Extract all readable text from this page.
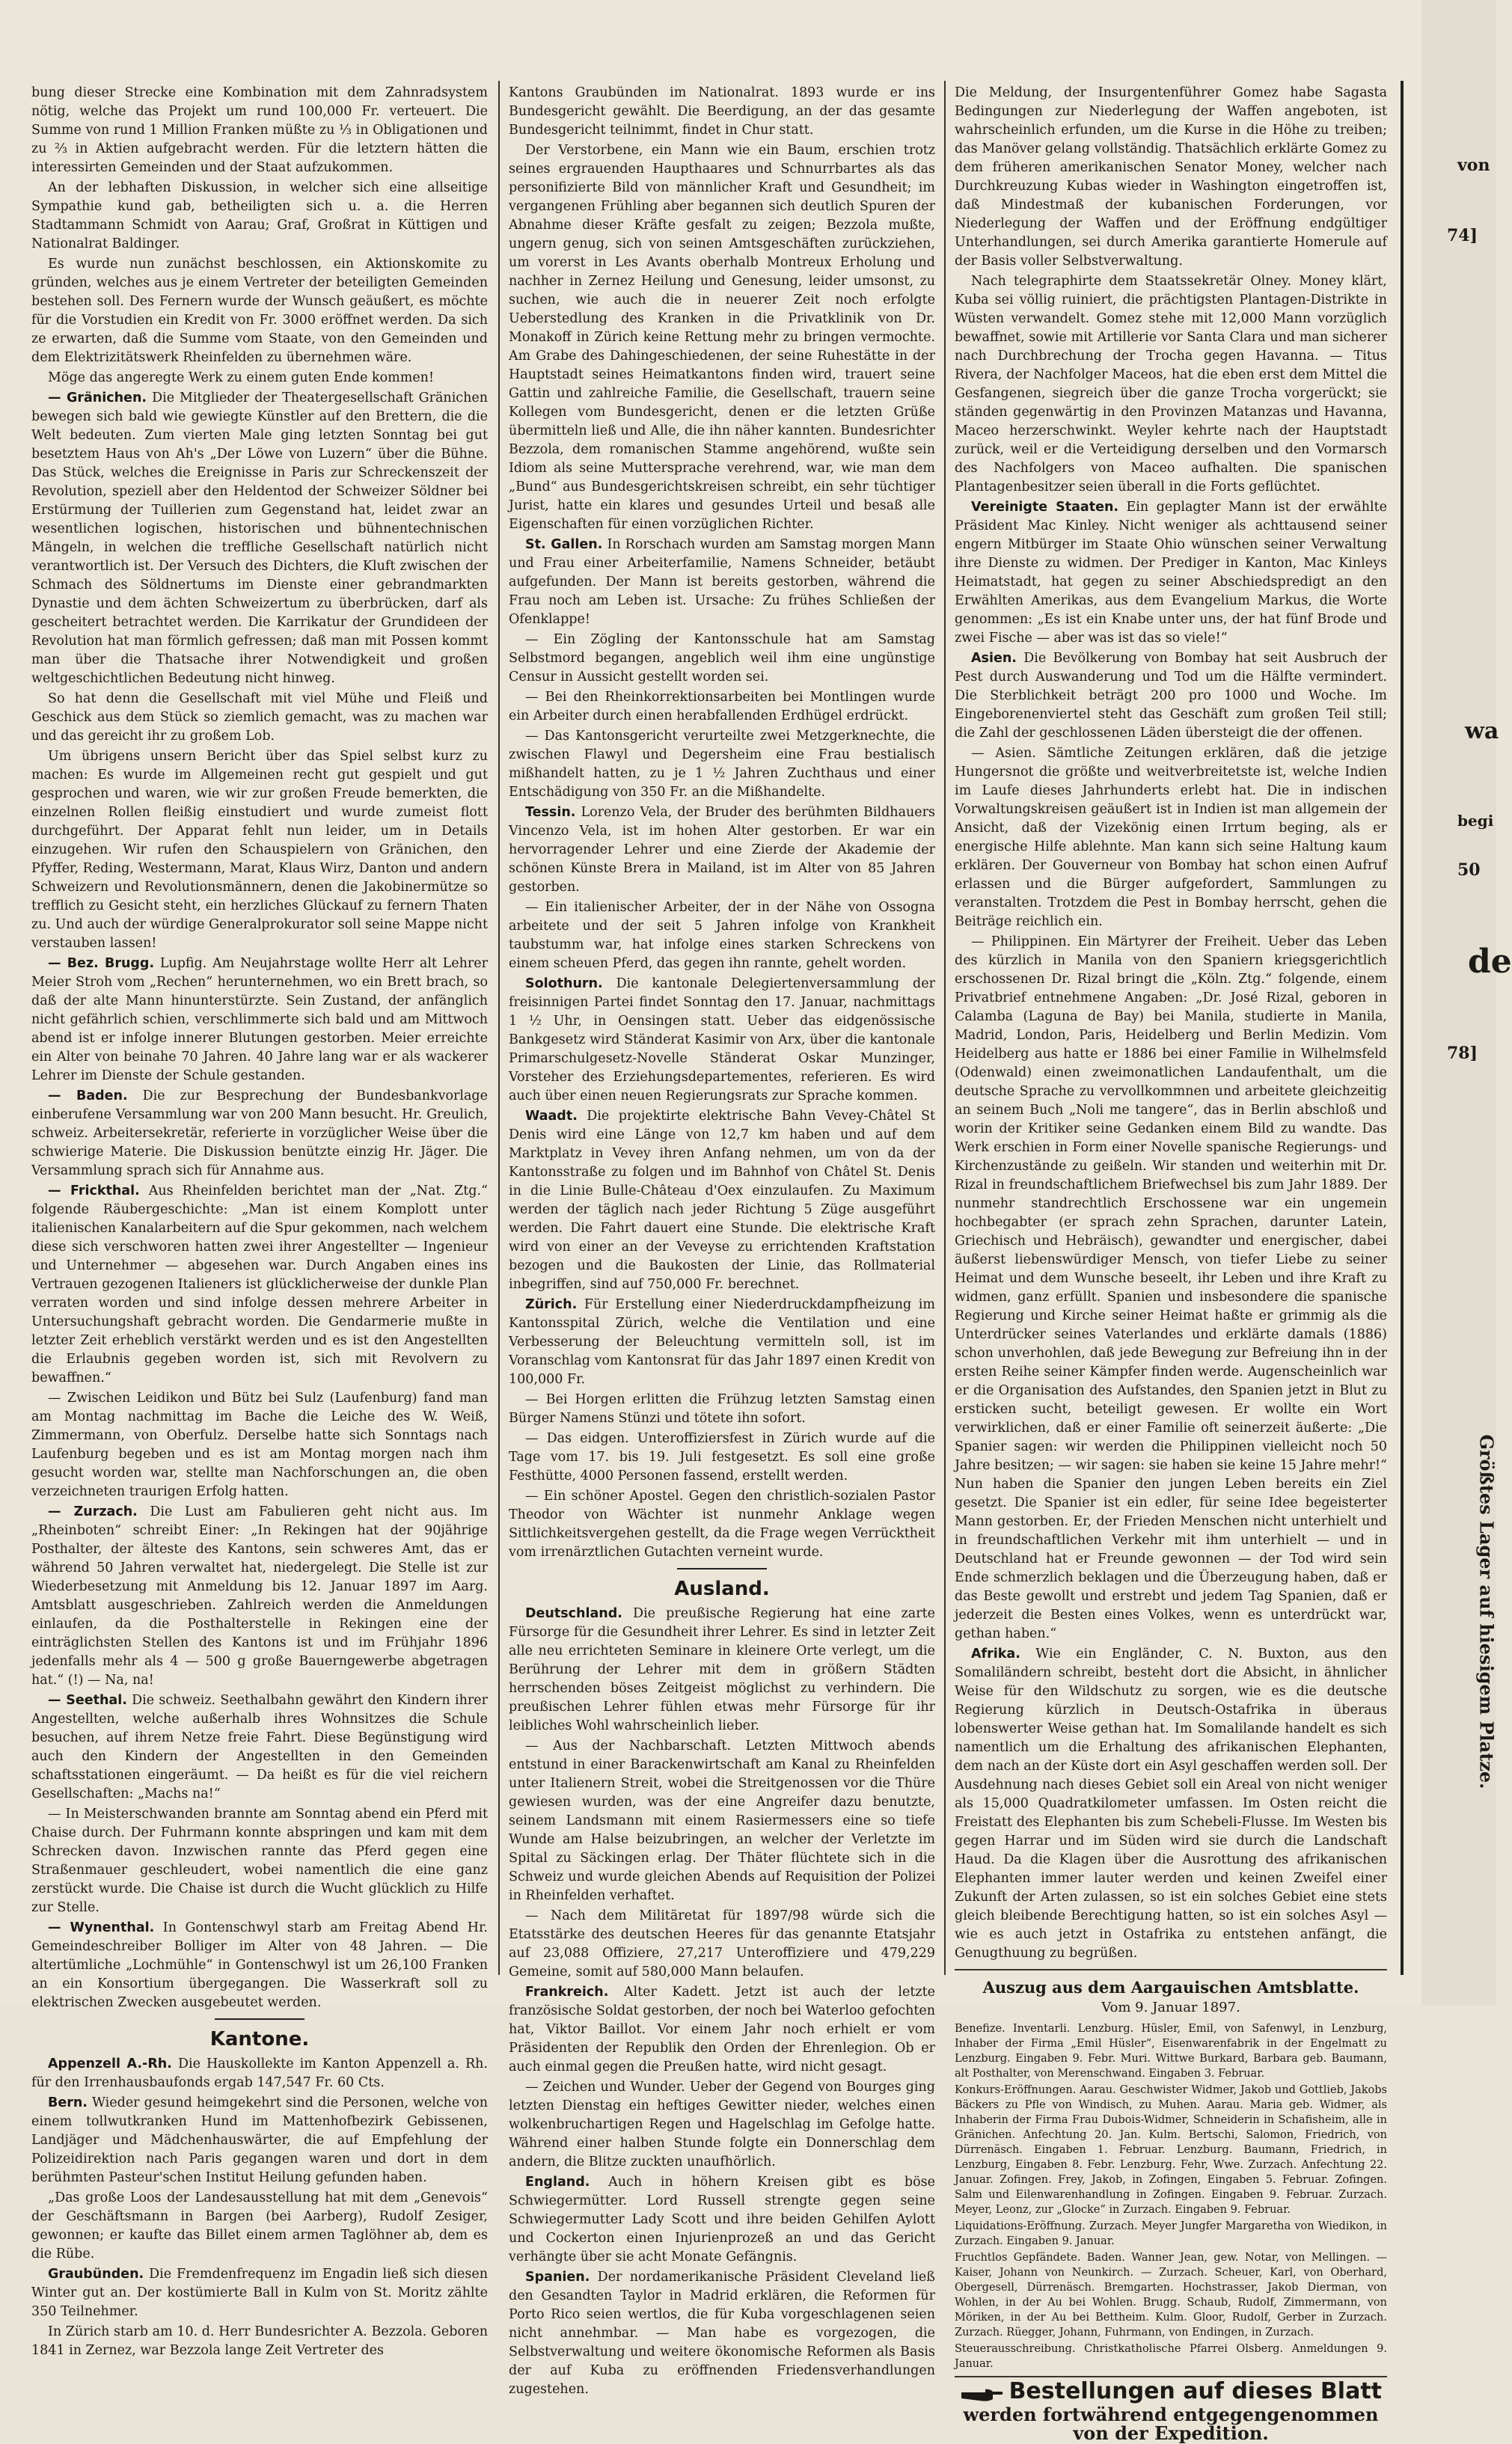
bung dieser Strecke eine Kombination mit dem Zahnradsystem nötig, welche das Projekt um rund 100,000 Fr. verteuert. Die Summe von rund 1 Million Franken müßte zu ⅓ in Obligationen und zu ⅔ in Aktien aufgebracht werden. Für die letztern hätten die interessirten Gemeinden und der Staat aufzukommen.

An der lebhaften Diskussion, in welcher sich eine allseitige Sympathie kund gab, betheiligten sich u. a. die Herren Stadtammann Schmidt von Aarau; Graf, Großrat in Küttigen und Nationalrat Baldinger.

Es wurde nun zunächst beschlossen, ein Aktionskomite zu gründen, welches aus je einem Vertreter der beteiligten Gemeinden bestehen soll. Des Fernern wurde der Wunsch geäußert, es möchte für die Vorstudien ein Kredit von Fr. 3000 eröffnet werden. Da sich ze erwarten, daß die Summe vom Staate, von den Gemeinden und dem Elektrizitätswerk Rheinfelden zu übernehmen wäre.

Möge das angeregte Werk zu einem guten Ende kommen!

— Gränichen. Die Mitglieder der Theatergesellschaft Gränichen bewegen sich bald wie gewiegte Künstler auf den Brettern, die die Welt bedeuten. Zum vierten Male ging letzten Sonntag bei gut besetztem Haus von Ah's „Der Löwe von Luzern“ über die Bühne. Das Stück, welches die Ereignisse in Paris zur Schreckenszeit der Revolution, speziell aber den Heldentod der Schweizer Söldner bei Erstürmung der Tuillerien zum Gegenstand hat, leidet zwar an wesentlichen logischen, historischen und bühnentechnischen Mängeln, in welchen die treffliche Gesellschaft natürlich nicht verantwortlich ist. Der Versuch des Dichters, die Kluft zwischen der Schmach des Söldnertums im Dienste einer gebrandmarkten Dynastie und dem ächten Schweizertum zu überbrücken, darf als gescheitert betrachtet werden. Die Karrikatur der Grundideen der Revolution hat man förmlich gefressen; daß man mit Possen kommt man über die Thatsache ihrer Notwendigkeit und großen weltgeschichtlichen Bedeutung nicht hinweg.

So hat denn die Gesellschaft mit viel Mühe und Fleiß und Geschick aus dem Stück so ziemlich gemacht, was zu machen war und das gereicht ihr zu großem Lob.

Um übrigens unsern Bericht über das Spiel selbst kurz zu machen: Es wurde im Allgemeinen recht gut gespielt und gut gesprochen und waren, wie wir zur großen Freude bemerkten, die einzelnen Rollen fleißig einstudiert und wurde zumeist flott durchgeführt. Der Apparat fehlt nun leider, um in Details einzugehen. Wir rufen den Schauspielern von Gränichen, den Pfyffer, Reding, Westermann, Marat, Klaus Wirz, Danton und andern Schweizern und Revolutionsmännern, denen die Jakobinermütze so trefflich zu Gesicht steht, ein herzliches Glückauf zu fernern Thaten zu. Und auch der würdige Generalprokurator soll seine Mappe nicht verstauben lassen!

— Bez. Brugg. Lupfig. Am Neujahrstage wollte Herr alt Lehrer Meier Stroh vom „Rechen“ herunternehmen, wo ein Brett brach, so daß der alte Mann hinunterstürzte. Sein Zustand, der anfänglich nicht gefährlich schien, verschlimmerte sich bald und am Mittwoch abend ist er infolge innerer Blutungen gestorben. Meier erreichte ein Alter von beinahe 70 Jahren. 40 Jahre lang war er als wackerer Lehrer im Dienste der Schule gestanden.

— Baden. Die zur Besprechung der Bundesbankvorlage einberufene Versammlung war von 200 Mann besucht. Hr. Greulich, schweiz. Arbeitersekretär, referierte in vorzüglicher Weise über die schwierige Materie. Die Diskussion benützte einzig Hr. Jäger. Die Versammlung sprach sich für Annahme aus.

— Frickthal. Aus Rheinfelden berichtet man der „Nat. Ztg.“ folgende Räubergeschichte: „Man ist einem Komplott unter italienischen Kanalarbeitern auf die Spur gekommen, nach welchem diese sich verschworen hatten zwei ihrer Angestellter — Ingenieur und Unternehmer — abgesehen war. Durch Angaben eines ins Vertrauen gezogenen Italieners ist glücklicherweise der dunkle Plan verraten worden und sind infolge dessen mehrere Arbeiter in Untersuchungshaft gebracht worden. Die Gendarmerie mußte in letzter Zeit erheblich verstärkt werden und es ist den Angestellten die Erlaubnis gegeben worden ist, sich mit Revolvern zu bewaffnen.“

— Zwischen Leidikon und Bütz bei Sulz (Laufenburg) fand man am Montag nachmittag im Bache die Leiche des W. Weiß, Zimmermann, von Oberfulz. Derselbe hatte sich Sonntags nach Laufenburg begeben und es ist am Montag morgen nach ihm gesucht worden war, stellte man Nachforschungen an, die oben verzeichneten traurigen Erfolg hatten.

— Zurzach. Die Lust am Fabulieren geht nicht aus. Im „Rheinboten“ schreibt Einer: „In Rekingen hat der 90jährige Posthalter, der älteste des Kantons, sein schweres Amt, das er während 50 Jahren verwaltet hat, niedergelegt. Die Stelle ist zur Wiederbesetzung mit Anmeldung bis 12. Januar 1897 im Aarg. Amtsblatt ausgeschrieben. Zahlreich werden die Anmeldungen einlaufen, da die Posthalterstelle in Rekingen eine der einträglichsten Stellen des Kantons ist und im Frühjahr 1896 jedenfalls mehr als 4 — 500 g große Bauerngewerbe abgetragen hat.“ (!) — Na, na!

— Seethal. Die schweiz. Seethalbahn gewährt den Kindern ihrer Angestellten, welche außerhalb ihres Wohnsitzes die Schule besuchen, auf ihrem Netze freie Fahrt. Diese Begünstigung wird auch den Kindern der Angestellten in den Gemeinden schaftsstationen eingeräumt. — Da heißt es für die viel reichern Gesellschaften: „Machs na!“

— In Meisterschwanden brannte am Sonntag abend ein Pferd mit Chaise durch. Der Fuhrmann konnte abspringen und kam mit dem Schrecken davon. Inzwischen rannte das Pferd gegen eine Straßenmauer geschleudert, wobei namentlich die eine ganz zerstückt wurde. Die Chaise ist durch die Wucht glücklich zu Hilfe zur Stelle.

— Wynenthal. In Gontenschwyl starb am Freitag Abend Hr. Gemeindeschreiber Bolliger im Alter von 48 Jahren. — Die altertümliche „Lochmühle“ in Gontenschwyl ist um 26,100 Franken an ein Konsortium übergegangen. Die Wasserkraft soll zu elektrischen Zwecken ausgebeutet werden.

Kantone.

Appenzell A.-Rh. Die Hauskollekte im Kanton Appenzell a. Rh. für den Irrenhausbaufonds ergab 147,547 Fr. 60 Cts.

Bern. Wieder gesund heimgekehrt sind die Personen, welche von einem tollwutkranken Hund im Mattenhofbezirk Gebissenen, Landjäger und Mädchenhauswärter, die auf Empfehlung der Polizeidirektion nach Paris gegangen waren und dort in dem berühmten Pasteur'schen Institut Heilung gefunden haben.

„Das große Loos der Landesausstellung hat mit dem „Genevois“ der Geschäftsmann in Bargen (bei Aarberg), Rudolf Zesiger, gewonnen; er kaufte das Billet einem armen Taglöhner ab, dem es die Rübe.

Graubünden. Die Fremdenfrequenz im Engadin ließ sich diesen Winter gut an. Der kostümierte Ball in Kulm von St. Moritz zählte 350 Teilnehmer.

In Zürich starb am 10. d. Herr Bundesrichter A. Bezzola. Geboren 1841 in Zernez, war Bezzola lange Zeit Vertreter des

Kantons Graubünden im Nationalrat. 1893 wurde er ins Bundesgericht gewählt. Die Beerdigung, an der das gesamte Bundesgericht teilnimmt, findet in Chur statt.

Der Verstorbene, ein Mann wie ein Baum, erschien trotz seines ergrauenden Haupthaares und Schnurrbartes als das personifizierte Bild von männlicher Kraft und Gesundheit; im vergangenen Frühling aber begannen sich deutlich Spuren der Abnahme dieser Kräfte gesfalt zu zeigen; Bezzola mußte, ungern genug, sich von seinen Amtsgeschäften zurückziehen, um vorerst in Les Avants oberhalb Montreux Erholung und nachher in Zernez Heilung und Genesung, leider umsonst, zu suchen, wie auch die in neuerer Zeit noch erfolgte Ueberstedlung des Kranken in die Privatklinik von Dr. Monakoff in Zürich keine Rettung mehr zu bringen vermochte. Am Grabe des Dahingeschiedenen, der seine Ruhestätte in der Hauptstadt seines Heimatkantons finden wird, trauert seine Gattin und zahlreiche Familie, die Gesellschaft, trauern seine Kollegen vom Bundesgericht, denen er die letzten Grüße übermitteln ließ und Alle, die ihn näher kannten. Bundesrichter Bezzola, dem romanischen Stamme angehörend, wußte sein Idiom als seine Muttersprache verehrend, war, wie man dem „Bund“ aus Bundesgerichtskreisen schreibt, ein sehr tüchtiger Jurist, hatte ein klares und gesundes Urteil und besaß alle Eigenschaften für einen vorzüglichen Richter.

St. Gallen. In Rorschach wurden am Samstag morgen Mann und Frau einer Arbeiterfamilie, Namens Schneider, betäubt aufgefunden. Der Mann ist bereits gestorben, während die Frau noch am Leben ist. Ursache: Zu frühes Schließen der Ofenklappe!

— Ein Zögling der Kantonsschule hat am Samstag Selbstmord begangen, angeblich weil ihm eine ungünstige Censur in Aussicht gestellt worden sei.

— Bei den Rheinkorrektionsarbeiten bei Montlingen wurde ein Arbeiter durch einen herabfallenden Erdhügel erdrückt.

— Das Kantonsgericht verurteilte zwei Metzgerknechte, die zwischen Flawyl und Degersheim eine Frau bestialisch mißhandelt hatten, zu je 1 ½ Jahren Zuchthaus und einer Entschädigung von 350 Fr. an die Mißhandelte.

Tessin. Lorenzo Vela, der Bruder des berühmten Bildhauers Vincenzo Vela, ist im hohen Alter gestorben. Er war ein hervorragender Lehrer und eine Zierde der Akademie der schönen Künste Brera in Mailand, ist im Alter von 85 Jahren gestorben.

— Ein italienischer Arbeiter, der in der Nähe von Ossogna arbeitete und der seit 5 Jahren infolge von Krankheit taubstumm war, hat infolge eines starken Schreckens von einem scheuen Pferd, das gegen ihn rannte, gehelt worden.

Solothurn. Die kantonale Delegiertenversammlung der freisinnigen Partei findet Sonntag den 17. Januar, nachmittags 1 ½ Uhr, in Oensingen statt. Ueber das eidgenössische Bankgesetz wird Ständerat Kasimir von Arx, über die kantonale Primarschulgesetz-Novelle Ständerat Oskar Munzinger, Vorsteher des Erziehungsdepartementes, referieren. Es wird auch über einen neuen Regierungsrats zur Sprache kommen.

Waadt. Die projektirte elektrische Bahn Vevey-Châtel St Denis wird eine Länge von 12,7 km haben und auf dem Marktplatz in Vevey ihren Anfang nehmen, um von da der Kantonsstraße zu folgen und im Bahnhof von Châtel St. Denis in die Linie Bulle-Château d'Oex einzulaufen. Zu Maximum werden der täglich nach jeder Richtung 5 Züge ausgeführt werden. Die Fahrt dauert eine Stunde. Die elektrische Kraft wird von einer an der Veveyse zu errichtenden Kraftstation bezogen und die Baukosten der Linie, das Rollmaterial inbegriffen, sind auf 750,000 Fr. berechnet.

Zürich. Für Erstellung einer Niederdruckdampfheizung im Kantonsspital Zürich, welche die Ventilation und eine Verbesserung der Beleuchtung vermitteln soll, ist im Voranschlag vom Kantonsrat für das Jahr 1897 einen Kredit von 100,000 Fr.

— Bei Horgen erlitten die Frühzug letzten Samstag einen Bürger Namens Stünzi und tötete ihn sofort.

— Das eidgen. Unteroffiziersfest in Zürich wurde auf die Tage vom 17. bis 19. Juli festgesetzt. Es soll eine große Festhütte, 4000 Personen fassend, erstellt werden.

— Ein schöner Apostel. Gegen den christlich-sozialen Pastor Theodor von Wächter ist nunmehr Anklage wegen Sittlichkeitsvergehen gestellt, da die Frage wegen Verrücktheit vom irrenärztlichen Gutachten verneint wurde.

Ausland.

Deutschland. Die preußische Regierung hat eine zarte Fürsorge für die Gesundheit ihrer Lehrer. Es sind in letzter Zeit alle neu errichteten Seminare in kleinere Orte verlegt, um die Berührung der Lehrer mit dem in größern Städten herrschenden böses Zeitgeist möglichst zu verhindern. Die preußischen Lehrer fühlen etwas mehr Fürsorge für ihr leibliches Wohl wahrscheinlich lieber.

— Aus der Nachbarschaft. Letzten Mittwoch abends entstund in einer Barackenwirtschaft am Kanal zu Rheinfelden unter Italienern Streit, wobei die Streitgenossen vor die Thüre gewiesen wurden, was der eine Angreifer dazu benutzte, seinem Landsmann mit einem Rasiermessers eine so tiefe Wunde am Halse beizubringen, an welcher der Verletzte im Spital zu Säckingen erlag. Der Thäter flüchtete sich in die Schweiz und wurde gleichen Abends auf Requisition der Polizei in Rheinfelden verhaftet.

— Nach dem Militäretat für 1897/98 würde sich die Etatsstärke des deutschen Heeres für das genannte Etatsjahr auf 23,088 Offiziere, 27,217 Unteroffiziere und 479,229 Gemeine, somit auf 580,000 Mann belaufen.

Frankreich. Alter Kadett. Jetzt ist auch der letzte französische Soldat gestorben, der noch bei Waterloo gefochten hat, Viktor Baillot. Vor einem Jahr noch erhielt er vom Präsidenten der Republik den Orden der Ehrenlegion. Ob er auch einmal gegen die Preußen hatte, wird nicht gesagt.

— Zeichen und Wunder. Ueber der Gegend von Bourges ging letzten Dienstag ein heftiges Gewitter nieder, welches einen wolkenbruchartigen Regen und Hagelschlag im Gefolge hatte. Während einer halben Stunde folgte ein Donnerschlag dem andern, die Blitze zuckten unaufhörlich.

England. Auch in höhern Kreisen gibt es böse Schwiegermütter. Lord Russell strengte gegen seine Schwiegermutter Lady Scott und ihre beiden Gehilfen Aylott und Cockerton einen Injurienprozeß an und das Gericht verhängte über sie acht Monate Gefängnis.

Spanien. Der nordamerikanische Präsident Cleveland ließ den Gesandten Taylor in Madrid erklären, die Reformen für Porto Rico seien wertlos, die für Kuba vorgeschlagenen seien nicht annehmbar. — Man habe es vorgezogen, die Selbstverwaltung und weitere ökonomische Reformen als Basis der auf Kuba zu eröffnenden Friedensverhandlungen zugestehen.

Die Meldung, der Insurgentenführer Gomez habe Sagasta Bedingungen zur Niederlegung der Waffen angeboten, ist wahrscheinlich erfunden, um die Kurse in die Höhe zu treiben; das Manöver gelang vollständig. Thatsächlich erklärte Gomez zu dem früheren amerikanischen Senator Money, welcher nach Durchkreuzung Kubas wieder in Washington eingetroffen ist, daß Mindestmaß der kubanischen Forderungen, vor Niederlegung der Waffen und der Eröffnung endgültiger Unterhandlungen, sei durch Amerika garantierte Homerule auf der Basis voller Selbstverwaltung.

Nach telegraphirte dem Staatssekretär Olney. Money klärt, Kuba sei völlig ruiniert, die prächtigsten Plantagen-Distrikte in Wüsten verwandelt. Gomez stehe mit 12,000 Mann vorzüglich bewaffnet, sowie mit Artillerie vor Santa Clara und man sicherer nach Durchbrechung der Trocha gegen Havanna. — Titus Rivera, der Nachfolger Maceos, hat die eben erst dem Mittel die Gesfangenen, siegreich über die ganze Trocha vorgerückt; sie ständen gegenwärtig in den Provinzen Matanzas und Havanna, Maceo herzerschwinkt. Weyler kehrte nach der Hauptstadt zurück, weil er die Verteidigung derselben und den Vormarsch des Nachfolgers von Maceo aufhalten. Die spanischen Plantagenbesitzer seien überall in die Forts geflüchtet.

Vereinigte Staaten. Ein geplagter Mann ist der erwählte Präsident Mac Kinley. Nicht weniger als achttausend seiner engern Mitbürger im Staate Ohio wünschen seiner Verwaltung ihre Dienste zu widmen. Der Prediger in Kanton, Mac Kinleys Heimatstadt, hat gegen zu seiner Abschiedspredigt an den Erwählten Amerikas, aus dem Evangelium Markus, die Worte genommen: „Es ist ein Knabe unter uns, der hat fünf Brode und zwei Fische — aber was ist das so viele!“

Asien. Die Bevölkerung von Bombay hat seit Ausbruch der Pest durch Auswanderung und Tod um die Hälfte vermindert. Die Sterblichkeit beträgt 200 pro 1000 und Woche. Im Eingeborenenviertel steht das Geschäft zum großen Teil still; die Zahl der geschlossenen Läden übersteigt die der offenen.

— Asien. Sämtliche Zeitungen erklären, daß die jetzige Hungersnot die größte und weitverbreitetste ist, welche Indien im Laufe dieses Jahrhunderts erlebt hat. Die in indischen Vorwaltungskreisen geäußert ist in Indien ist man allgemein der Ansicht, daß der Vizekönig einen Irrtum beging, als er energische Hilfe ablehnte. Man kann sich seine Haltung kaum erklären. Der Gouverneur von Bombay hat schon einen Aufruf erlassen und die Bürger aufgefordert, Sammlungen zu veranstalten. Trotzdem die Pest in Bombay herrscht, gehen die Beiträge reichlich ein.

— Philippinen. Ein Märtyrer der Freiheit. Ueber das Leben des kürzlich in Manila von den Spaniern kriegsgerichtlich erschossenen Dr. Rizal bringt die „Köln. Ztg.“ folgende, einem Privatbrief entnehmene Angaben: „Dr. José Rizal, geboren in Calamba (Laguna de Bay) bei Manila, studierte in Manila, Madrid, London, Paris, Heidelberg und Berlin Medizin. Vom Heidelberg aus hatte er 1886 bei einer Familie in Wilhelmsfeld (Odenwald) einen zweimonatlichen Landaufenthalt, um die deutsche Sprache zu vervollkommnen und arbeitete gleichzeitig an seinem Buch „Noli me tangere“, das in Berlin abschloß und worin der Kritiker seine Gedanken einem Bild zu wandte. Das Werk erschien in Form einer Novelle spanische Regierungs- und Kirchenzustände zu geißeln. Wir standen und weiterhin mit Dr. Rizal in freundschaftlichem Briefwechsel bis zum Jahr 1889. Der nunmehr standrechtlich Erschossene war ein ungemein hochbegabter (er sprach zehn Sprachen, darunter Latein, Griechisch und Hebräisch), gewandter und energischer, dabei äußerst liebenswürdiger Mensch, von tiefer Liebe zu seiner Heimat und dem Wunsche beseelt, ihr Leben und ihre Kraft zu widmen, ganz erfüllt. Spanien und insbesondere die spanische Regierung und Kirche seiner Heimat haßte er grimmig als die Unterdrücker seines Vaterlandes und erklärte damals (1886) schon unverhohlen, daß jede Bewegung zur Befreiung ihn in der ersten Reihe seiner Kämpfer finden werde. Augenscheinlich war er die Organisation des Aufstandes, den Spanien jetzt in Blut zu ersticken sucht, beteiligt gewesen. Er wollte ein Wort verwirklichen, daß er einer Familie oft seinerzeit äußerte: „Die Spanier sagen: wir werden die Philippinen vielleicht noch 50 Jahre besitzen; — wir sagen: sie haben sie keine 15 Jahre mehr!“ Nun haben die Spanier den jungen Leben bereits ein Ziel gesetzt. Die Spanier ist ein edler, für seine Idee begeisterter Mann gestorben. Er, der Frieden Menschen nicht unterhielt und in freundschaftlichen Verkehr mit ihm unterhielt — und in Deutschland hat er Freunde gewonnen — der Tod wird sein Ende schmerzlich beklagen und die Überzeugung haben, daß er das Beste gewollt und erstrebt und jedem Tag Spanien, daß er jederzeit die Besten eines Volkes, wenn es unterdrückt war, gethan haben.“

Afrika. Wie ein Engländer, C. N. Buxton, aus den Somaliländern schreibt, besteht dort die Absicht, in ähnlicher Weise für den Wildschutz zu sorgen, wie es die deutsche Regierung kürzlich in Deutsch-Ostafrika in überaus lobenswerter Weise gethan hat. Im Somalilande handelt es sich namentlich um die Erhaltung des afrikanischen Elephanten, dem nach an der Küste dort ein Asyl geschaffen werden soll. Der Ausdehnung nach dieses Gebiet soll ein Areal von nicht weniger als 15,000 Quadratkilometer umfassen. Im Osten reicht die Freistatt des Elephanten bis zum Schebeli-Flusse. Im Westen bis gegen Harrar und im Süden wird sie durch die Landschaft Haud. Da die Klagen über die Ausrottung des afrikanischen Elephanten immer lauter werden und keinen Zweifel einer Zukunft der Arten zulassen, so ist ein solches Gebiet eine stets gleich bleibende Berechtigung hatten, so ist ein solches Asyl — wie es auch jetzt in Ostafrika zu entstehen anfängt, die Genugthuung zu begrüßen.

Auszug aus dem Aargauischen Amtsblatte.
Vom 9. Januar 1897.

Benefize. Inventarli. Lenzburg. Hüsler, Emil, von Safenwyl, in Lenzburg, Inhaber der Firma „Emil Hüsler“, Eisenwarenfabrik in der Engelmatt zu Lenzburg. Eingaben 9. Febr. Muri. Wittwe Burkard, Barbara geb. Baumann, alt Posthalter, von Merenschwand. Eingaben 3. Februar.

Konkurs-Eröffnungen. Aarau. Geschwister Widmer, Jakob und Gottlieb, Jakobs Bäckers zu Pfle von Windisch, zu Muhen. Aarau. Maria geb. Widmer, als Inhaberin der Firma Frau Dubois-Widmer, Schneiderin in Schafisheim, alle in Gränichen. Anfechtung 20. Jan. Kulm. Bertschi, Salomon, Friedrich, von Dürrenäsch. Eingaben 1. Februar. Lenzburg. Baumann, Friedrich, in Lenzburg, Eingaben 8. Febr. Lenzburg. Fehr, Wwe. Zurzach. Anfechtung 22. Januar. Zofingen. Frey, Jakob, in Zofingen, Eingaben 5. Februar. Zofingen. Salm und Eilenwarenhandlung in Zofingen. Eingaben 9. Februar. Zurzach. Meyer, Leonz, zur „Glocke“ in Zurzach. Eingaben 9. Februar.

Liquidations-Eröffnung. Zurzach. Meyer Jungfer Margaretha von Wiedikon, in Zurzach. Eingaben 9. Januar.

Fruchtlos Gepfändete. Baden. Wanner Jean, gew. Notar, von Mellingen. — Kaiser, Johann von Neunkirch. — Zurzach. Scheuer, Karl, von Oberhard, Obergesell, Dürrenäsch. Bremgarten. Hochstrasser, Jakob Dierman, von Wohlen, in der Au bei Wohlen. Brugg. Schaub, Rudolf, Zimmermann, von Möriken, in der Au bei Bettheim. Kulm. Gloor, Rudolf, Gerber in Zurzach. Zurzach. Rüegger, Johann, Fuhrmann, von Endingen, in Zurzach.

Steuerausschreibung. Christkatholische Pfarrei Olsberg. Anmeldungen 9. Januar.

Bestellungen auf dieses Blatt
werden fortwährend entgegengenommen von der Expedition.
von
74]
wa
begi
50
de
78]
Größtes Lager auf hiesigem Platze.
